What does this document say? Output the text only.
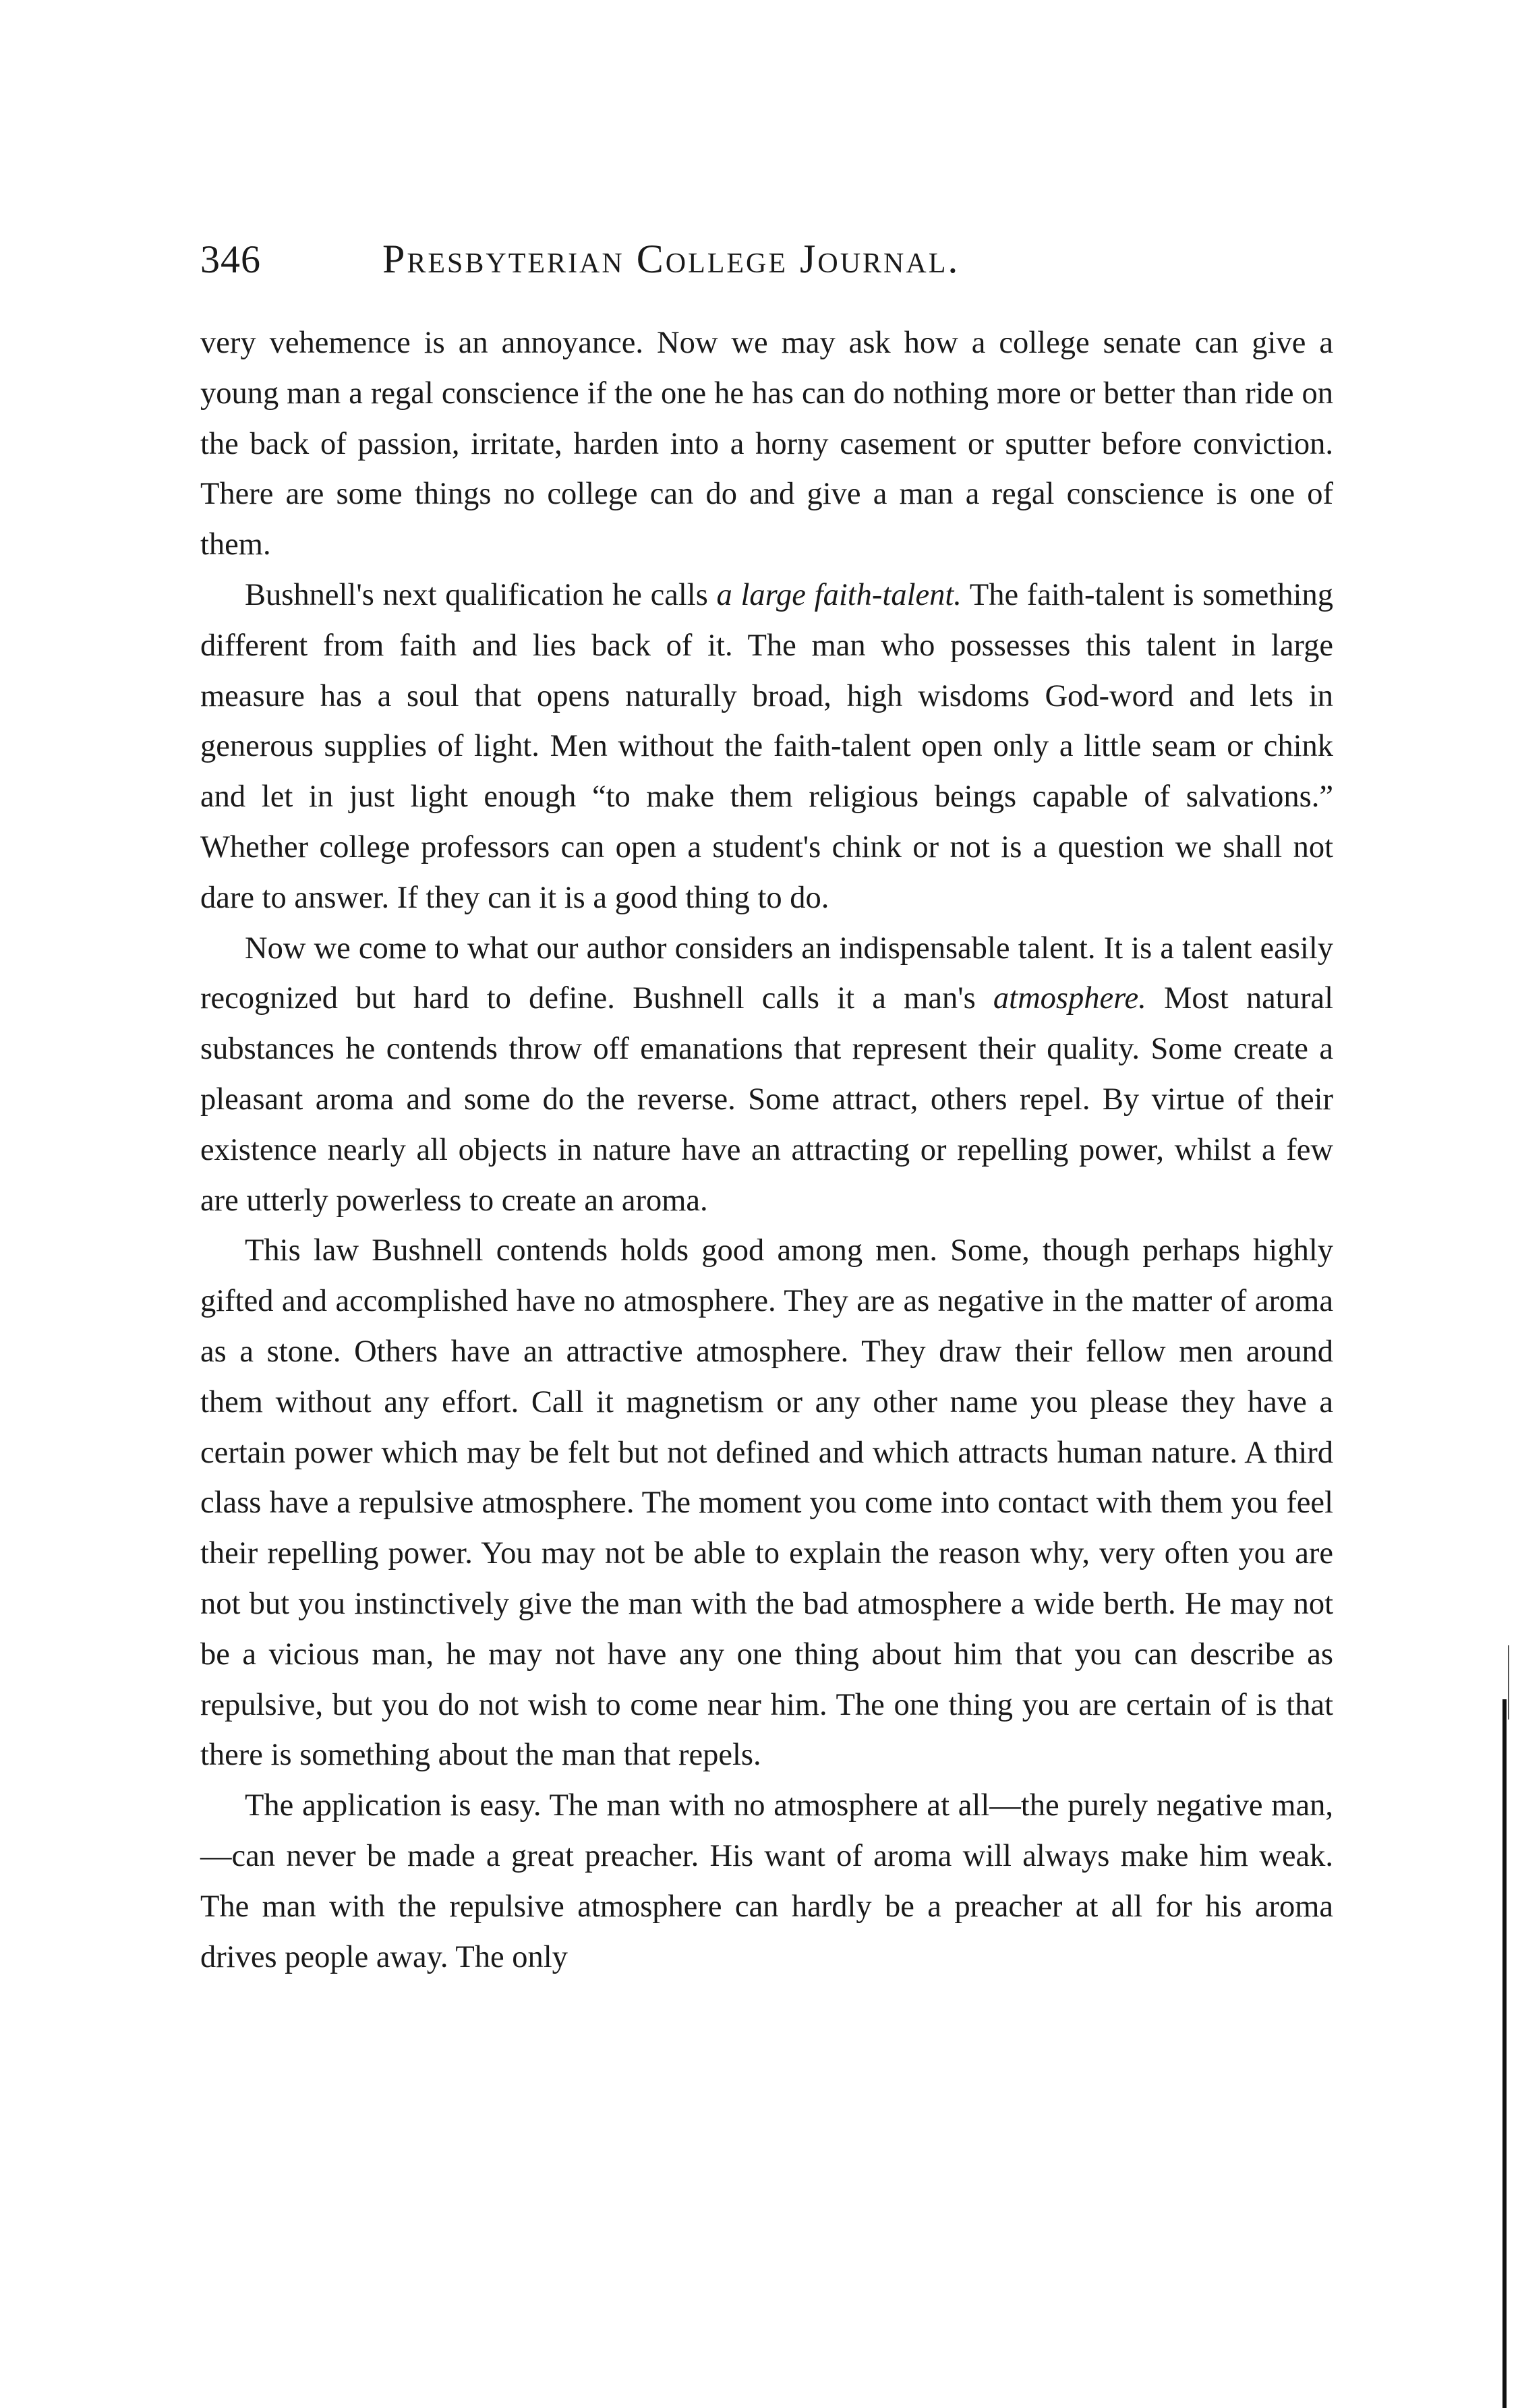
346	Presbyterian College Journal.

very vehemence is an annoyance. Now we may ask how a college senate can give a young man a regal conscience if the one he has can do nothing more or better than ride on the back of passion, irritate, harden into a horny casement or sputter before conviction. There are some things no college can do and give a man a regal conscience is one of them.

Bushnell's next qualification he calls a large faith-talent. The faith-talent is something different from faith and lies back of it. The man who possesses this talent in large measure has a soul that opens naturally broad, high wisdoms God-word and lets in generous supplies of light. Men without the faith-talent open only a little seam or chink and let in just light enough “to make them religious beings capable of salvations.” Whether college professors can open a student's chink or not is a question we shall not dare to answer. If they can it is a good thing to do.

Now we come to what our author considers an indispensable talent. It is a talent easily recognized but hard to define. Bushnell calls it a man's atmosphere. Most natural substances he contends throw off emanations that represent their quality. Some create a pleasant aroma and some do the reverse. Some attract, others repel. By virtue of their existence nearly all objects in nature have an attracting or repelling power, whilst a few are utterly powerless to create an aroma.

This law Bushnell contends holds good among men. Some, though perhaps highly gifted and accomplished have no atmosphere. They are as negative in the matter of aroma as a stone. Others have an attractive atmosphere. They draw their fellow men around them without any effort. Call it magnetism or any other name you please they have a certain power which may be felt but not defined and which attracts human nature. A third class have a repulsive atmosphere. The moment you come into contact with them you feel their repelling power. You may not be able to explain the reason why, very often you are not but you instinctively give the man with the bad atmosphere a wide berth. He may not be a vicious man, he may not have any one thing about him that you can describe as repulsive, but you do not wish to come near him. The one thing you are certain of is that there is something about the man that repels.

The application is easy. The man with no atmosphere at all—the purely negative man,—can never be made a great preacher. His want of aroma will always make him weak. The man with the repulsive atmosphere can hardly be a preacher at all for his aroma drives people away. The only
